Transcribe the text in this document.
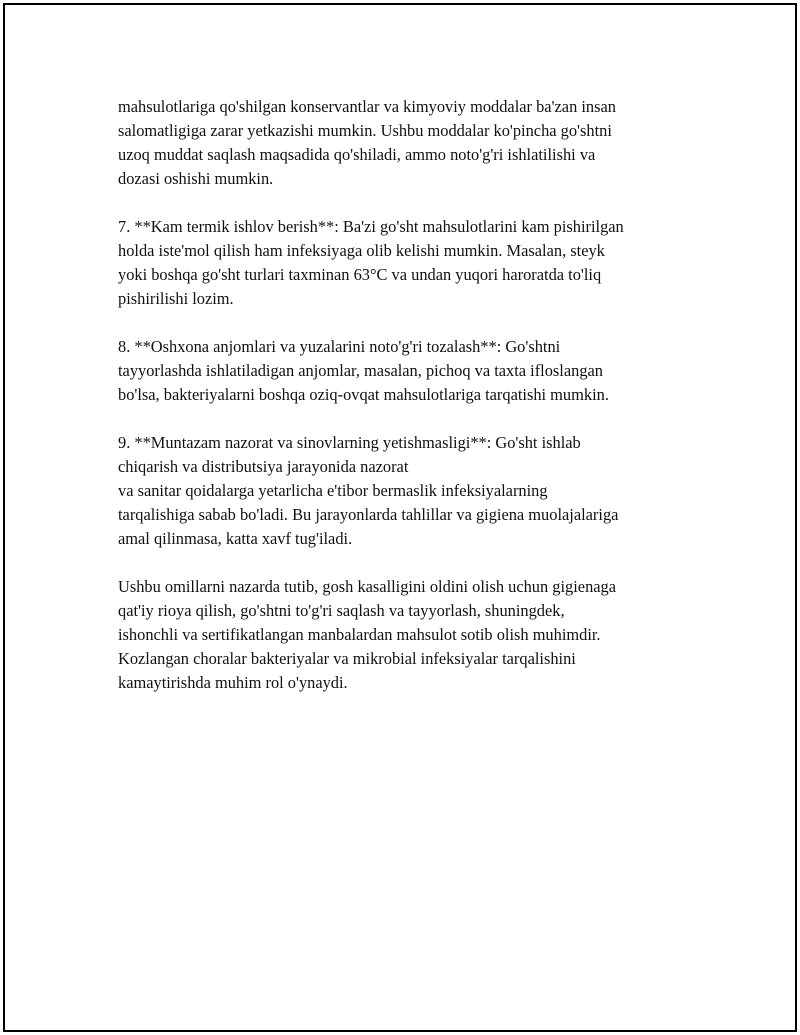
mahsulotlariga qo'shilgan konservantlar va kimyoviy moddalar ba'zan insan
salomatligiga zarar yetkazishi mumkin. Ushbu moddalar ko'pincha go'shtni
uzoq muddat saqlash maqsadida qo'shiladi, ammo noto'g'ri ishlatilishi va
dozasi oshishi mumkin.

7. **Kam termik ishlov berish**: Ba'zi go'sht mahsulotlarini kam pishirilgan
holda iste'mol qilish ham infeksiyaga olib kelishi mumkin. Masalan, steyk
yoki boshqa go'sht turlari taxminan 63°C va undan yuqori haroratda to'liq
pishirilishi lozim.

8. **Oshxona anjomlari va yuzalarini noto'g'ri tozalash**: Go'shtni
tayyorlashda ishlatiladigan anjomlar, masalan, pichoq va taxta ifloslangan
bo'lsa, bakteriyalarni boshqa oziq-ovqat mahsulotlariga tarqatishi mumkin.

9. **Muntazam nazorat va sinovlarning yetishmasligi**: Go'sht ishlab
chiqarish va distributsiya jarayonida nazorat
va sanitar qoidalarga yetarlicha e'tibor bermaslik infeksiyalarning
tarqalishiga sabab bo'ladi. Bu jarayonlarda tahlillar va gigiena muolajalariga
amal qilinmasa, katta xavf tug'iladi.

Ushbu omillarni nazarda tutib, gosh kasalligini oldini olish uchun gigienaga
qat'iy rioya qilish, go'shtni to'g'ri saqlash va tayyorlash, shuningdek,
ishonchli va sertifikatlangan manbalardan mahsulot sotib olish muhimdir.
Kozlangan choralar bakteriyalar va mikrobial infeksiyalar tarqalishini
kamaytirishda muhim rol o'ynaydi.
